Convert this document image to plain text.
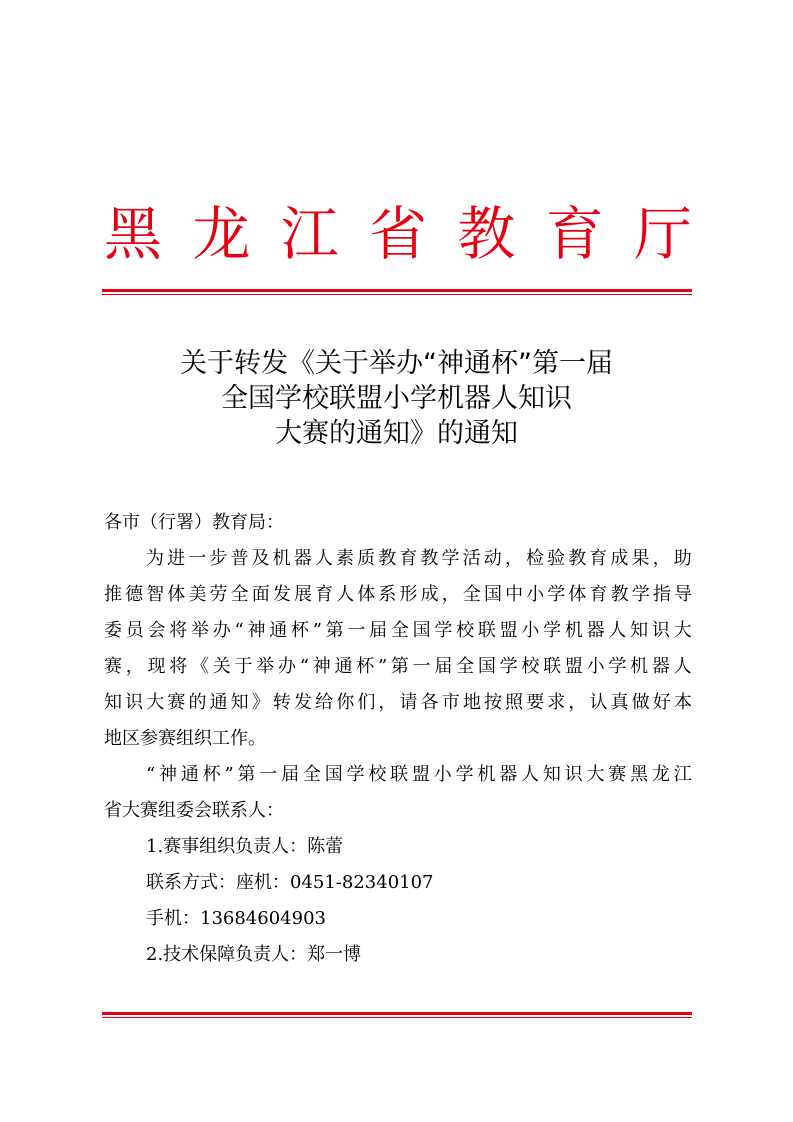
黑 龙 江 省 教 育 厅
关于转发《关于举办“神通杯”第一届
全国学校联盟小学机器人知识
大赛的通知》的通知
各市（行署）教育局：
为 进 一 步 普 及 机 器 人 素 质 教 育 教 学 活 动 ， 检 验 教 育 成 果 ， 助
推 德 智 体 美 劳 全 面 发 展 育 人 体 系 形 成 ， 全 国 中 小 学 体 育 教 学 指 导
委 员 会 将 举 办 “ 神 通 杯 ” 第 一 届 全 国 学 校 联 盟 小 学 机 器 人 知 识 大
赛 ， 现 将 《 关 于 举 办 “ 神 通 杯 ” 第 一 届 全 国 学 校 联 盟 小 学 机 器 人
知 识 大 赛 的 通 知 》 转 发 给 你 们 ， 请 各 市 地 按 照 要 求 ， 认 真 做 好 本
地区参赛组织工作。
“ 神 通 杯 ” 第 一 届 全 国 学 校 联 盟 小 学 机 器 人 知 识 大 赛 黑 龙 江
省大赛组委会联系人：
1.赛事组织负责人：陈蕾
联系方式：座机：0451-82340107
手机：13684604903
2.技术保障负责人：郑一博
